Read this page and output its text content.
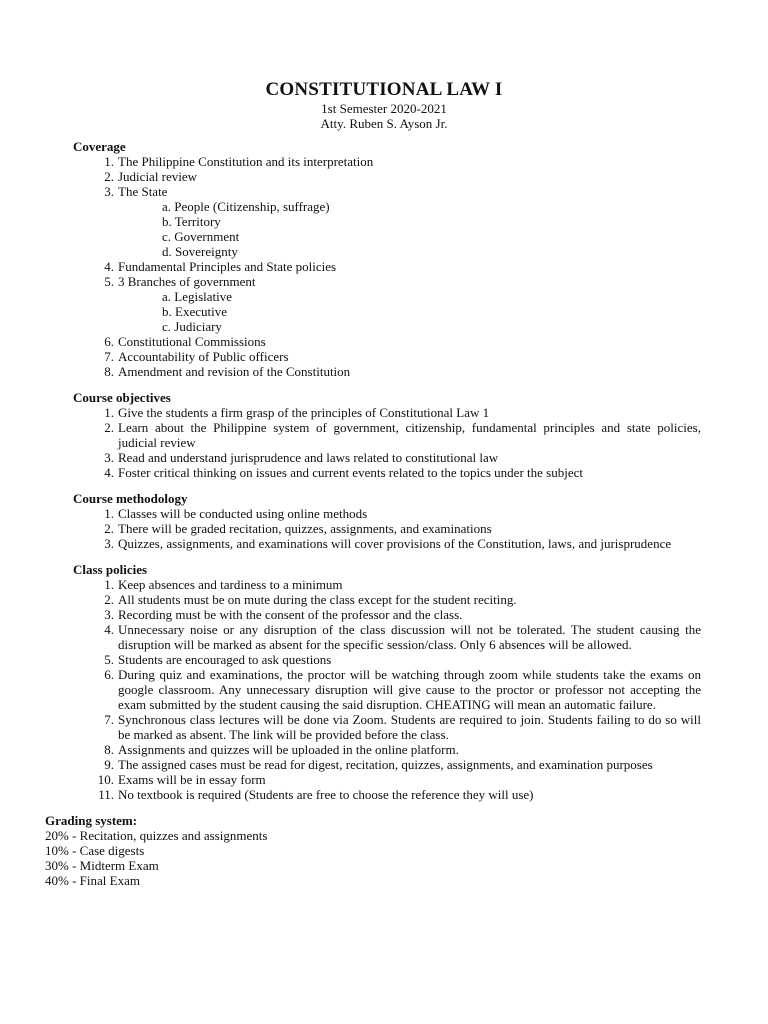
CONSTITUTIONAL LAW I
1st Semester 2020-2021
Atty. Ruben S. Ayson Jr.
Coverage
1. The Philippine Constitution and its interpretation
2. Judicial review
3. The State
a. People (Citizenship, suffrage)
b. Territory
c. Government
d. Sovereignty
4. Fundamental Principles and State policies
5. 3 Branches of government
a. Legislative
b. Executive
c. Judiciary
6. Constitutional Commissions
7. Accountability of Public officers
8. Amendment and revision of the Constitution
Course objectives
1. Give the students a firm grasp of the principles of Constitutional Law 1
2. Learn about the Philippine system of government, citizenship, fundamental principles and state policies, judicial review
3. Read and understand jurisprudence and laws related to constitutional law
4. Foster critical thinking on issues and current events related to the topics under the subject
Course methodology
1. Classes will be conducted using online methods
2. There will be graded recitation, quizzes, assignments, and examinations
3. Quizzes, assignments, and examinations will cover provisions of the Constitution, laws, and jurisprudence
Class policies
1. Keep absences and tardiness to a minimum
2. All students must be on mute during the class except for the student reciting.
3. Recording must be with the consent of the professor and the class.
4. Unnecessary noise or any disruption of the class discussion will not be tolerated. The student causing the disruption will be marked as absent for the specific session/class. Only 6 absences will be allowed.
5. Students are encouraged to ask questions
6. During quiz and examinations, the proctor will be watching through zoom while students take the exams on google classroom. Any unnecessary disruption will give cause to the proctor or professor not accepting the exam submitted by the student causing the said disruption. CHEATING will mean an automatic failure.
7. Synchronous class lectures will be done via Zoom. Students are required to join. Students failing to do so will be marked as absent. The link will be provided before the class.
8. Assignments and quizzes will be uploaded in the online platform.
9. The assigned cases must be read for digest, recitation, quizzes, assignments, and examination purposes
10. Exams will be in essay form
11. No textbook is required (Students are free to choose the reference they will use)
Grading system:
20% - Recitation, quizzes and assignments
10% - Case digests
30% - Midterm Exam
40% - Final Exam
